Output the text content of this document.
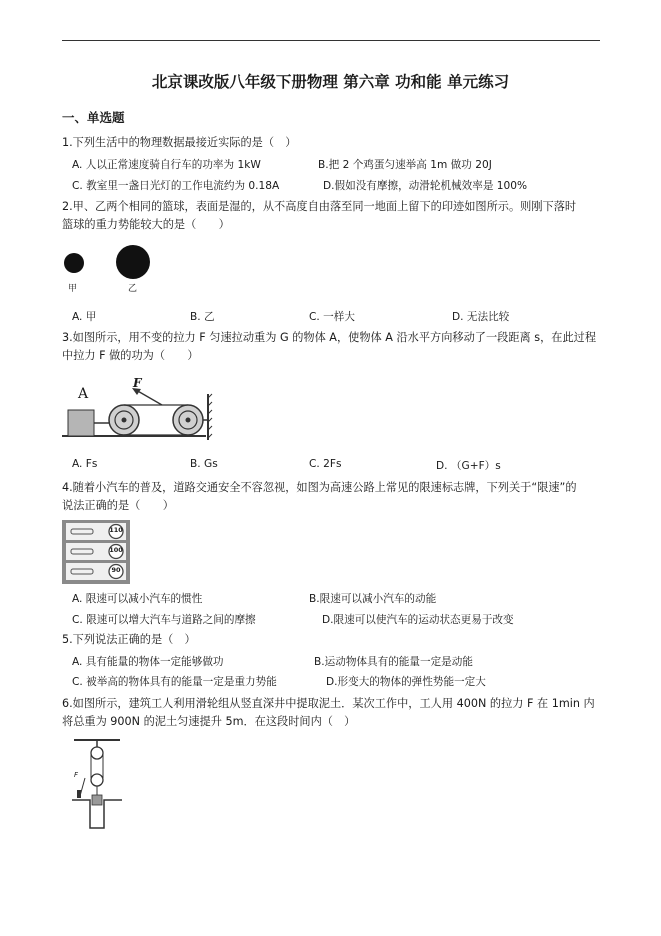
北京课改版八年级下册物理 第六章 功和能 单元练习
一、单选题
1.下列生活中的物理数据最接近实际的是（　）
A. 人以正常速度骑自行车的功率为 1kW	B.把 2 个鸡蛋匀速举高 1m 做功 20J
C. 教室里一盏日光灯的工作电流约为 0.18A	D.假如没有摩擦，动滑轮机械效率是 100%
2.甲、乙两个相同的篮球，表面是湿的，从不高度自由落至同一地面上留下的印迹如图所示。则刚下落时
篮球的重力势能较大的是（　　）
甲	乙
A. 甲	B. 乙	C. 一样大	D. 无法比较
3.如图所示，用不变的拉力 F 匀速拉动重为 G 的物体 A，使物体 A 沿水平方向移动了一段距离 s，在此过程
中拉力 F 做的功为（　　）
A
F
A. Fs	B. Gs	C. 2Fs	D. （G+F）s
4.随着小汽车的普及，道路交通安全不容忽视，如图为高速公路上常见的限速标志牌，下列关于“限速”的
说法正确的是（　　）
110
100
90
A. 限速可以减小汽车的惯性	B.限速可以减小汽车的动能
C. 限速可以增大汽车与道路之间的摩擦	D.限速可以使汽车的运动状态更易于改变
5.下列说法正确的是（　）
A. 具有能量的物体一定能够做功	B.运动物体具有的能量一定是动能
C. 被举高的物体具有的能量一定是重力势能	D.形变大的物体的弹性势能一定大
6.如图所示，建筑工人利用滑轮组从竖直深井中提取泥土．某次工作中，工人用 400N 的拉力 F 在 1min 内
将总重为 900N 的泥土匀速提升 5m．在这段时间内（　）
F
